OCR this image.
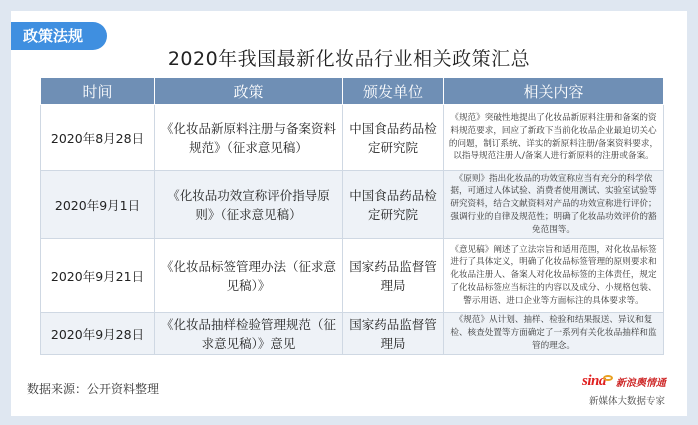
政策法规
2020年我国最新化妆品行业相关政策汇总
时间	政策	颁发单位	相关内容
2020年8月28日	《化妆品新原料注册与备案资料规范》（征求意见稿）	中国食品药品检定研究院	《规范》突破性地提出了化妆品新原料注册和备案的资料规范要求，回应了新政下当前化妆品企业最迫切关心的问题，制订系统、详实的新原料注册/备案资料要求，以指导规范注册人/备案人进行新原料的注册或备案。
2020年9月1日	《化妆品功效宣称评价指导原则》（征求意见稿）	中国食品药品检定研究院	《原则》指出化妆品的功效宣称应当有充分的科学依据，可通过人体试验、消费者使用测试、实验室试验等研究资料，结合文献资料对产品的功效宣称进行评价；强调行业的自律及规范性；明确了化妆品功效评价的豁免范围等。
2020年9月21日	《化妆品标签管理办法（征求意见稿）》	国家药品监督管理局	《意见稿》阐述了立法宗旨和适用范围，对化妆品标签进行了具体定义，明确了化妆品标签管理的原则要求和化妆品注册人、备案人对化妆品标签的主体责任，规定了化妆品标签应当标注的内容以及成分、小规格包装、警示用语、进口企业等方面标注的具体要求等。
2020年9月28日	《化妆品抽样检验管理规范（征求意见稿）》意见	国家药品监督管理局	《规范》从计划、抽样、检验和结果报送、异议和复检、核查处置等方面确定了一系列有关化妆品抽样和监管的理念。
数据来源：公开资料整理
sina 新浪舆情通
新媒体大数据专家
